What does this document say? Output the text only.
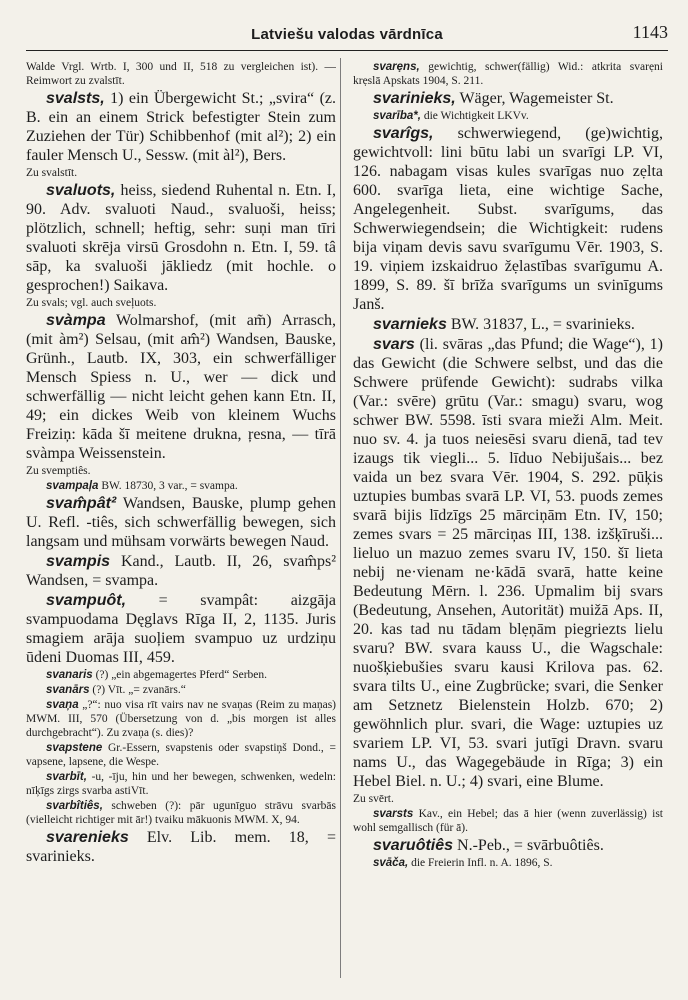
Latviešu valodas vārdnīca	1143

Walde Vrgl. Wrtb. I, 300 und II, 518 zu vergleichen ist). — Reimwort zu zvalstīt.

svalsts, 1) ein Übergewicht St.; „svira“ (z. B. ein an einem Strick befestigter Stein zum Zuziehen der Tür) Schibbenhof (mit al²); 2) ein fauler Mensch U., Sessw. (mit àl²), Bers.

Zu svalstīt.

svaluots, heiss, siedend Ruhental n. Etn. I, 90. Adv. svaluoti Naud., svaluoši, heiss; plötzlich, schnell; heftig, sehr: suņi man tīri svaluoti skrēja virsū Grosdohn n. Etn. I, 59. tâ sāp, ka svaluoši jākliedz (mit hochle. o gesprochen!) Saikava.

Zu svals; vgl. auch sveļuots.

svàmpa Wolmarshof, (mit am̃) Arrasch, (mit àm²) Selsau, (mit am̂²) Wandsen, Bauske, Grünh., Lautb. IX, 303, ein schwerfälliger Mensch Spiess n. U., wer — dick und schwerfällig — nicht leicht gehen kann Etn. II, 49; ein dickes Weib von kleinem Wuchs Freiziņ: kāda šī meitene drukna, ŗesna, — tīrā svàmpa Weissenstein.

Zu svemptiês.

svampaļa BW. 18730, 3 var., = svampa.

svam̂pât² Wandsen, Bauske, plump gehen U. Refl. -tiês, sich schwerfällig bewegen, sich langsam und mühsam vorwärts bewegen Naud.

svampis Kand., Lautb. II, 26, svam̂ps² Wandsen, = svampa.

svampuôt, = svampât: aizgāja svampuodama Dęglavs Rīga II, 2, 1135. Juris smagiem arāja suoļiem svampuo uz urdziņu ūdeni Duomas III, 459.

svanaris (?) „ein abgemagertes Pferd“ Serben.

svanārs (?) Vīt. „= zvanārs.“

svaņa „?“: nuo visa rīt vairs nav ne svaņas (Reim zu maņas) MWM. III, 570 (Übersetzung von d. „bis morgen ist alles durchgebracht“). Zu zvaņa (s. dies)?

svapstene Gr.-Essern, svapstenis oder svapstiņš Dond., = vapsene, lapsene, die Wespe.

svarbīt, -u, -īju, hin und her bewegen, schwenken, wedeln: nīķīgs zirgs svarba astiVīt.

svarbîtiês, schweben (?): pār ugunīguo strāvu svarbās (vielleicht richtiger mit ār!) tvaiku mākuonis MWM. X, 94.

svarenieks Elv. Lib. mem. 18, = svarinieks.

svarẹns, gewichtig, schwer(fällig) Wid.: atkrita svarẹni krẹslā Apskats 1904, S. 211.

svarinieks, Wäger, Wagemeister St.

svarība*, die Wichtigkeit LKVv.

svarîgs, schwerwiegend, (ge)wichtig, gewichtvoll: lini būtu labi un svarīgi LP. VI, 126. nabagam visas kules svarīgas nuo zẹlta 600. svarīga lieta, eine wichtige Sache, Angelegenheit. Subst. svarīgums, das Schwerwiegendsein; die Wichtigkeit: rudens bija viņam devis savu svarīgumu Vēr. 1903, S. 19. viņiem izskaidruo žẹlastības svarīgumu A. 1899, S. 89. šī brīža svarīgums un svinīgums Janš.

svarnieks BW. 31837, L., = svarinieks.

svars (li. svāras „das Pfund; die Wage“), 1) das Gewicht (die Schwere selbst, und das die Schwere prüfende Gewicht): sudrabs vilka (Var.: svēre) grūtu (Var.: smagu) svaru, wog schwer BW. 5598. īsti svara mieži Alm. Meit. nuo sv. 4. ja tuos neiesēsi svaru dienā, tad tev izaugs tik viegli... 5. līduo Nebijušais... bez vaida un bez svara Vēr. 1904, S. 292. pūķis uztupies bumbas svarā LP. VI, 53. puods zemes svarā bijis līdzīgs 25 mārciņām Etn. IV, 150; zemes svars = 25 mārciņas III, 138. izšķīruši... lieluo un mazuo zemes svaru IV, 150. šī lieta nebij ne·vienam ne·kādā svarā, hatte keine Bedeutung Mērn. l. 236. Upmalim bij svars (Bedeutung, Ansehen, Autorität) muižā Aps. II, 20. kas tad nu tādam blẹņām piegriezts lielu svaru? BW. svara kauss U., die Wagschale: nuošķiebušies svaru kausi Krilova pas. 62. svara tilts U., eine Zugbrücke; svari, die Senker am Setznetz Bielenstein Holzb. 670; 2) gewöhnlich plur. svari, die Wage: uztupies uz svariem LP. VI, 53. svari jutīgi Dravn. svaru nams U., das Wagegebäude in Rīga; 3) ein Hebel Biel. n. U.; 4) svari, eine Blume.

Zu svērt.

svarsts Kav., ein Hebel; das ā hier (wenn zuverlässig) ist wohl semgallisch (für ā).

svaruôtiês N.-Peb., = svārbuôtiês.

svāča, die Freierin Infl. n. A. 1896, S.
